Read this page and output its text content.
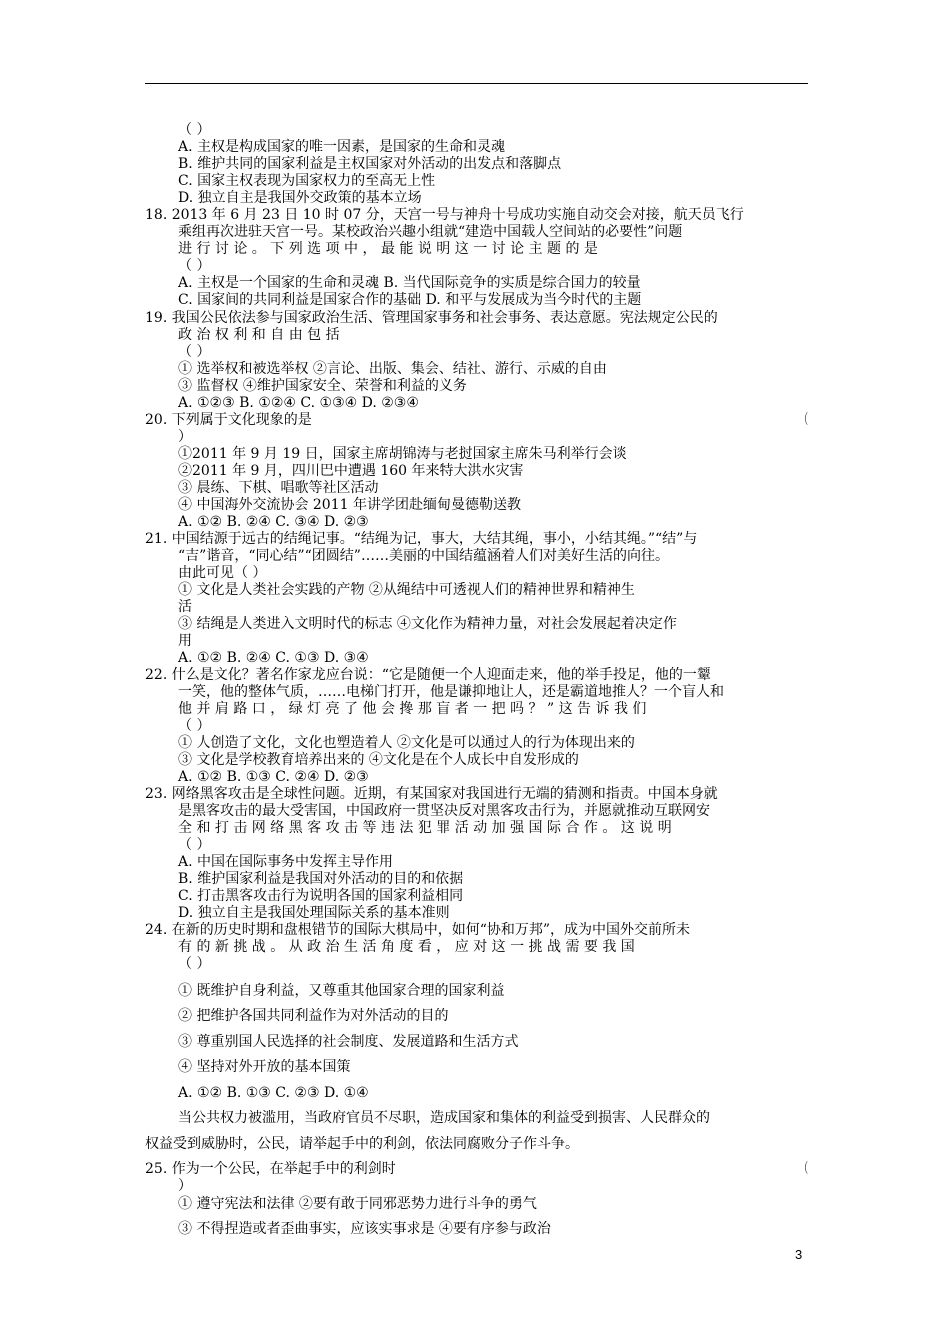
（ ）
A. 主权是构成国家的唯一因素，是国家的生命和灵魂
B. 维护共同的国家利益是主权国家对外活动的出发点和落脚点
C. 国家主权表现为国家权力的至高无上性
D. 独立自主是我国外交政策的基本立场
18. 2013 年 6 月 23 日 10 时 07 分，天宫一号与神舟十号成功实施自动交会对接，航天员飞行
乘组再次进驻天宫一号。某校政治兴趣小组就“建造中国载人空间站的必要性”问题
进 行 讨 论 。 下 列 选 项 中 ， 最 能 说 明 这 一 讨 论 主 题 的 是
（ ）
A. 主权是一个国家的生命和灵魂 B. 当代国际竞争的实质是综合国力的较量
C. 国家间的共同利益是国家合作的基础 D. 和平与发展成为当今时代的主题
19. 我国公民依法参与国家政治生活、管理国家事务和社会事务、表达意愿。宪法规定公民的
政 治 权 利 和 自 由 包 括
（ ）
① 选举权和被选举权 ②言论、出版、集会、结社、游行、示威的自由
③ 监督权 ④维护国家安全、荣誉和利益的义务
A. ①②③ B. ①②④ C. ①③④ D. ②③④
20. 下列属于文化现象的是	（
）
①2011 年 9 月 19 日，国家主席胡锦涛与老挝国家主席朱马利举行会谈
②2011 年 9 月，四川巴中遭遇 160 年来特大洪水灾害
③ 晨练、下棋、唱歌等社区活动
④ 中国海外交流协会 2011 年讲学团赴缅甸曼德勒送教
A. ①② B. ②④ C. ③④ D. ②③
21. 中国结源于远古的结绳记事。“结绳为记，事大，大结其绳，事小，小结其绳。”“结”与
“吉”谐音，“同心结”“团圆结”……美丽的中国结蕴涵着人们对美好生活的向往。
由此可见（ ）
① 文化是人类社会实践的产物 ②从绳结中可透视人们的精神世界和精神生
活
③ 结绳是人类进入文明时代的标志 ④文化作为精神力量，对社会发展起着决定作
用
A. ①② B. ②④ C. ①③ D. ③④
22. 什么是文化？著名作家龙应台说：“它是随便一个人迎面走来，他的举手投足，他的一颦
一笑，他的整体气质，……电梯门打开，他是谦抑地让人，还是霸道地推人？一个盲人和
他 并 肩 路 口 ， 绿 灯 亮 了 他 会 搀 那 盲 者 一 把 吗 ？ ” 这 告 诉 我 们
（ ）
① 人创造了文化，文化也塑造着人 ②文化是可以通过人的行为体现出来的
③ 文化是学校教育培养出来的 ④文化是在个人成长中自发形成的
A. ①② B. ①③ C. ②④ D. ②③
23. 网络黑客攻击是全球性问题。近期，有某国家对我国进行无端的猜测和指责。中国本身就
是黑客攻击的最大受害国，中国政府一贯坚决反对黑客攻击行为，并愿就推动互联网安
全 和 打 击 网 络 黑 客 攻 击 等 违 法 犯 罪 活 动 加 强 国 际 合 作 。 这 说 明
（ ）
A. 中国在国际事务中发挥主导作用
B. 维护国家利益是我国对外活动的目的和依据
C. 打击黑客攻击行为说明各国的国家利益相同
D. 独立自主是我国处理国际关系的基本准则
24. 在新的历史时期和盘根错节的国际大棋局中，如何“协和万邦”，成为中国外交前所未
有 的 新 挑 战 。 从 政 治 生 活 角 度 看 ， 应 对 这 一 挑 战 需 要 我 国
（ ）
① 既维护自身利益，又尊重其他国家合理的国家利益
② 把维护各国共同利益作为对外活动的目的
③ 尊重别国人民选择的社会制度、发展道路和生活方式
④ 坚持对外开放的基本国策
A. ①② B. ①③ C. ②③ D. ①④
当公共权力被滥用，当政府官员不尽职，造成国家和集体的利益受到损害、人民群众的
权益受到威胁时，公民，请举起手中的利剑，依法同腐败分子作斗争。
25. 作为一个公民，在举起手中的利剑时	（
）
① 遵守宪法和法律 ②要有敢于同邪恶势力进行斗争的勇气
③ 不得捏造或者歪曲事实，应该实事求是 ④要有序参与政治
3
